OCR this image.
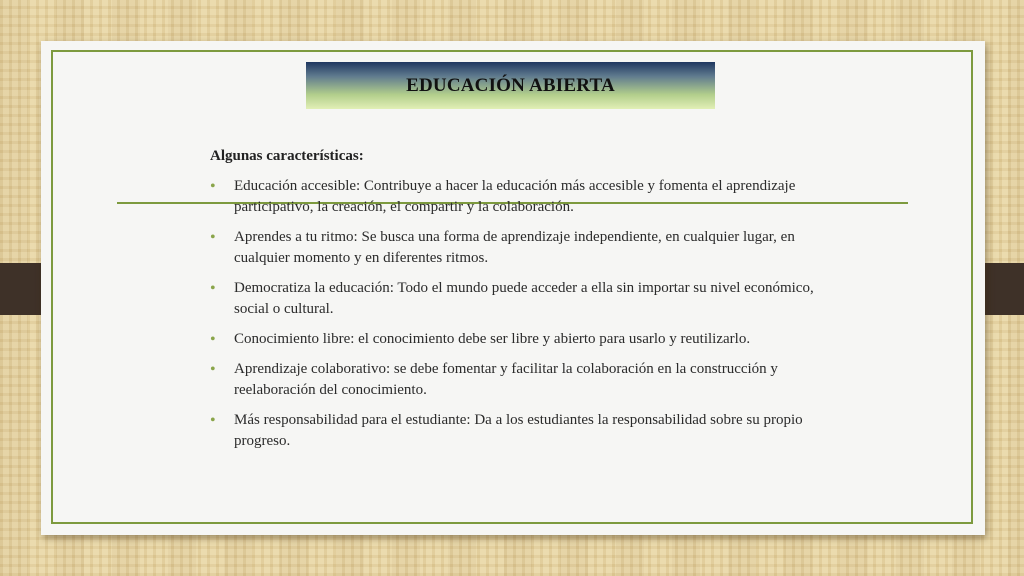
EDUCACIÓN ABIERTA
Algunas características:
• Educación accesible: Contribuye a hacer la educación más accesible y fomenta el aprendizaje participativo, la creación, el compartir y la colaboración.
• Aprendes a tu ritmo: Se busca una forma de aprendizaje independiente, en cualquier lugar, en cualquier momento y en diferentes ritmos.
• Democratiza la educación: Todo el mundo puede acceder a ella sin importar su nivel económico, social o cultural.
• Conocimiento libre: el conocimiento debe ser libre y abierto para usarlo y reutilizarlo.
• Aprendizaje colaborativo: se debe fomentar y facilitar la colaboración en la construcción y reelaboración del conocimiento.
• Más responsabilidad para el estudiante: Da a los estudiantes la responsabilidad sobre su propio progreso.
